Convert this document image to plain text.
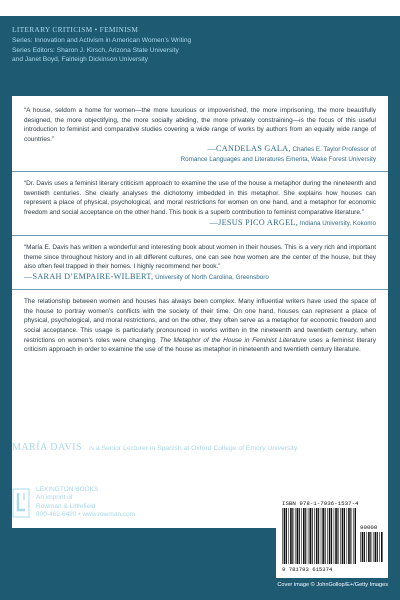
LITERARY CRITICISM • FEMINISM
Series: Innovation and Activism in American Women’s Writing
Series Editors: Sharon J. Kirsch, Arizona State University
and Janet Boyd, Fairleigh Dickinson University

“A house, seldom a home for women—the more luxurious or impoverished, the more imprisoning, the more beautifully designed, the more objectifying, the more socially abiding, the more privately constraining—is the focus of this useful introduction to feminist and comparative studies covering a wide range of works by authors from an equally wide range of countries.”

—CANDELAS GALA, Charles E. Taylor Professor of

Romance Languages and Literatures Emerita, Wake Forest University

“Dr. Davis uses a feminist literary criticism approach to examine the use of the house a metaphor during the nineteenth and twentieth centuries. She clearly analyses the dichotomy imbedded in this metaphor. She explains how houses can represent a place of physical, psychological, and moral restrictions for women on one hand, and a metaphor for economic freedom and social acceptance on the other hand. This book is a superb contribution to feminist comparative literature.”

—JESUS PICO ARGEL, Indiana University, Kokomo

“María E. Davis has written a wonderful and interesting book about women in their houses. This is a very rich and important theme since throughout history and in all different cultures, one can see how women are the center of the house, but they also often feel trapped in their homes. I highly recommend her book.”

—SARAH D’EMPAIRE-WILBERT, University of North Carolina, Greensboro

The relationship between women and houses has always been complex. Many influential writers have used the space of the house to portray women’s conflicts with the society of their time. On one hand, houses can represent a place of physical, psychological, and moral restrictions, and on the other, they often serve as a metaphor for economic freedom and social acceptance. This usage is particularly pronounced in works written in the nineteenth and twentieth century, when restrictions on women’s roles were changing. The Metaphor of the House in Feminist Literature uses a feminist literary criticism approach in order to examine the use of the house as metaphor in nineteenth and twentieth century literature.

MARÍA DAVIS is a Senior Lecturer in Spanish at Oxford College of Emory University.
LEXINGTON BOOKS
An imprint of
Rowman & Littlefield
800-462-6420 • www.rowman.com
ISBN 978-1-7936-1537-4
90000
9 781793 615374
Cover image © JohnGollop/E+/Getty Images
